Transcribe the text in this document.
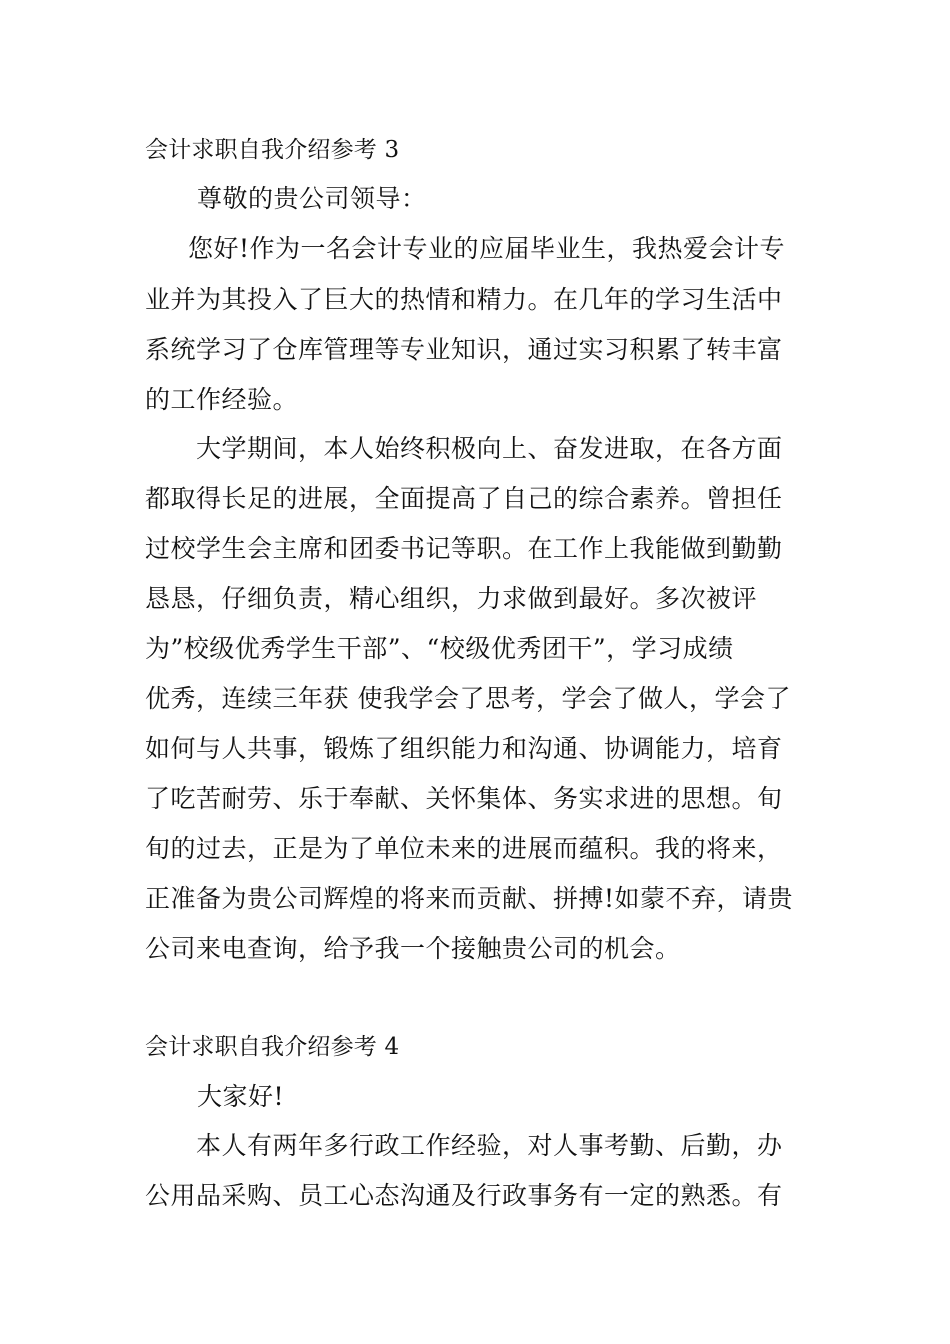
会计求职自我介绍参考 3
尊敬的贵公司领导：
您好!作为一名会计专业的应届毕业生，我热爱会计专
业并为其投入了巨大的热情和精力。在几年的学习生活中
系统学习了仓库管理等专业知识，通过实习积累了转丰富
的工作经验。
大学期间，本人始终积极向上、奋发进取，在各方面
都取得长足的进展，全面提高了自己的综合素养。曾担任
过校学生会主席和团委书记等职。在工作上我能做到勤勤
恳恳，仔细负责，精心组织，力求做到最好。多次被评
为”校级优秀学生干部”、“校级优秀团干”，学习成绩
优秀，连续三年获 使我学会了思考，学会了做人，学会了
如何与人共事，锻炼了组织能力和沟通、协调能力，培育
了吃苦耐劳、乐于奉献、关怀集体、务实求进的思想。旬
旬的过去，正是为了单位未来的进展而蕴积。我的将来，
正准备为贵公司辉煌的将来而贡献、拼搏!如蒙不弃，请贵
公司来电查询，给予我一个接触贵公司的机会。
会计求职自我介绍参考 4
大家好!
本人有两年多行政工作经验，对人事考勤、后勤，办
公用品采购、员工心态沟通及行政事务有一定的熟悉。有
